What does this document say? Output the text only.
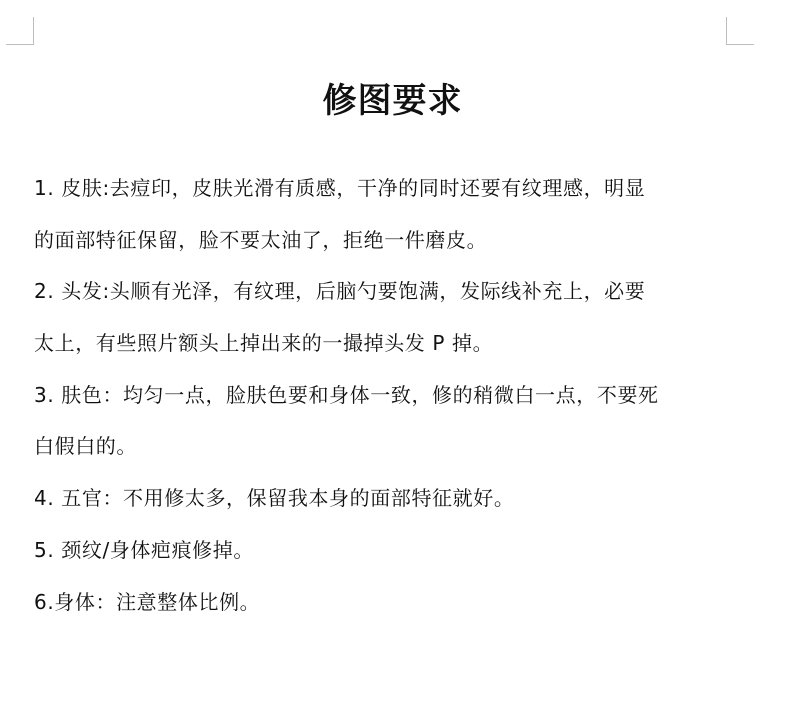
修图要求
1. 皮肤:去痘印，皮肤光滑有质感，干净的同时还要有纹理感，明显
的面部特征保留，脸不要太油了，拒绝一件磨皮。
2. 头发:头顺有光泽，有纹理，后脑勺要饱满，发际线补充上，必要
太上，有些照片额头上掉出来的一撮掉头发 P 掉。
3. 肤色：均匀一点，脸肤色要和身体一致，修的稍微白一点，不要死
白假白的。
4. 五官：不用修太多，保留我本身的面部特征就好。
5. 颈纹/身体疤痕修掉。
6.身体：注意整体比例。
